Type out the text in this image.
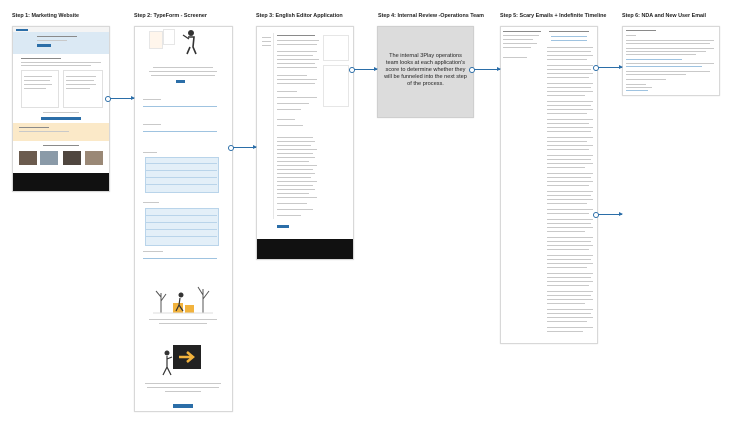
Step 1: Marketing Website	Step 2: TypeForm - Screener	Step 3: English Editor Application	Step 4: Internal Review -Operations Team	Step 5: Scary Emails + Indefinite Timeline	Step 6: NDA and New User Email
The internal 3Play operations team looks at each application's score to determine whether they will be funneled into the next step of the process.
